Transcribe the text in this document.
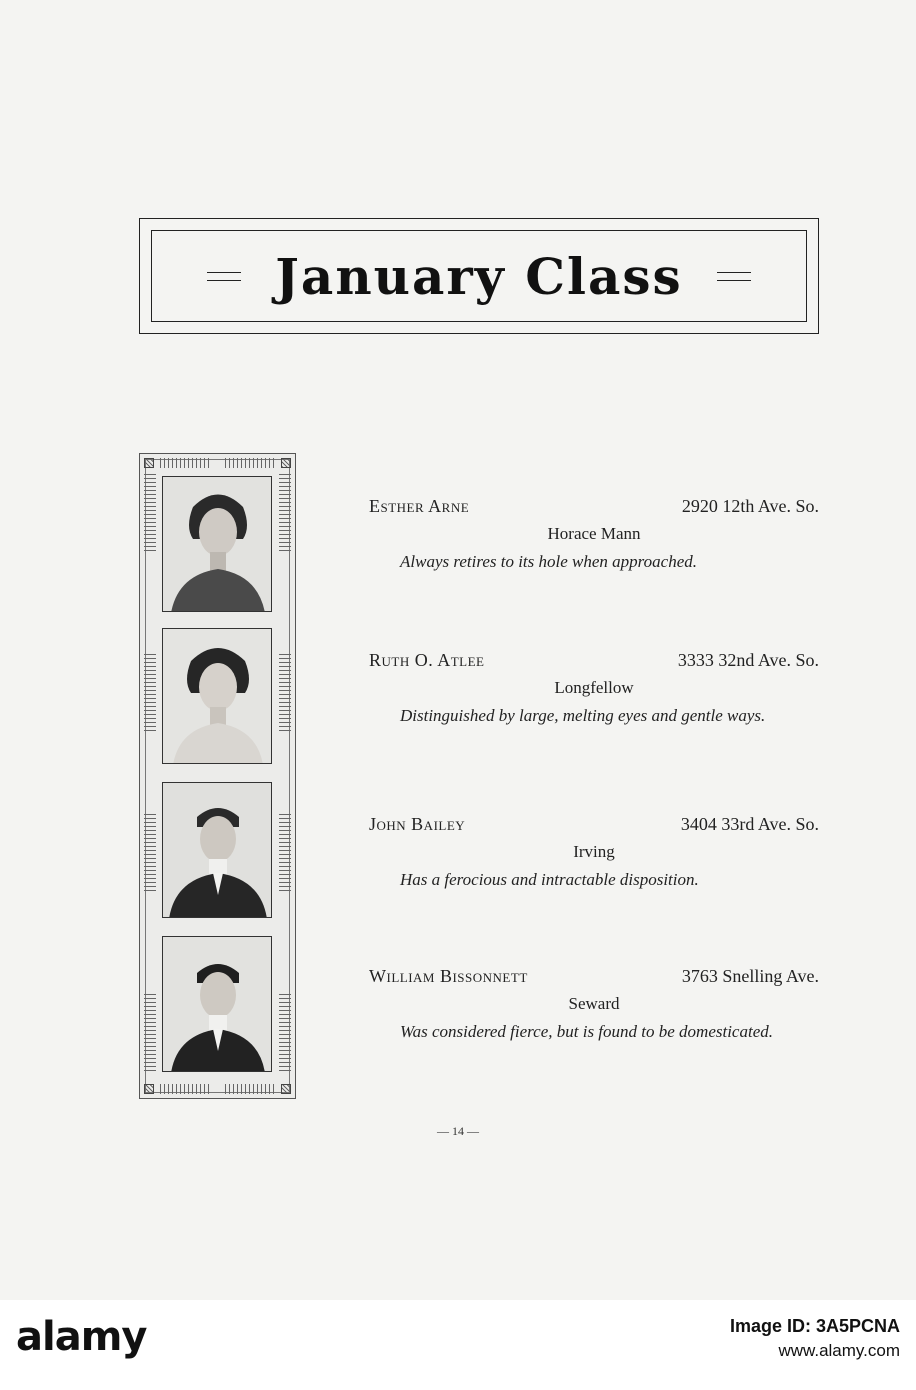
January Class
Esther Arne	2920 12th Ave. So.
Horace Mann
Always retires to its hole when approached.
Ruth O. Atlee	3333 32nd Ave. So.
Longfellow
Distinguished by large, melting eyes and gentle ways.
John Bailey	3404 33rd Ave. So.
Irving
Has a ferocious and intractable disposition.
William Bissonnett	3763 Snelling Ave.
Seward
Was considered fierce, but is found to be domesticated.
— 14 —
alamy	Image ID: 3A5PCNA
www.alamy.com
